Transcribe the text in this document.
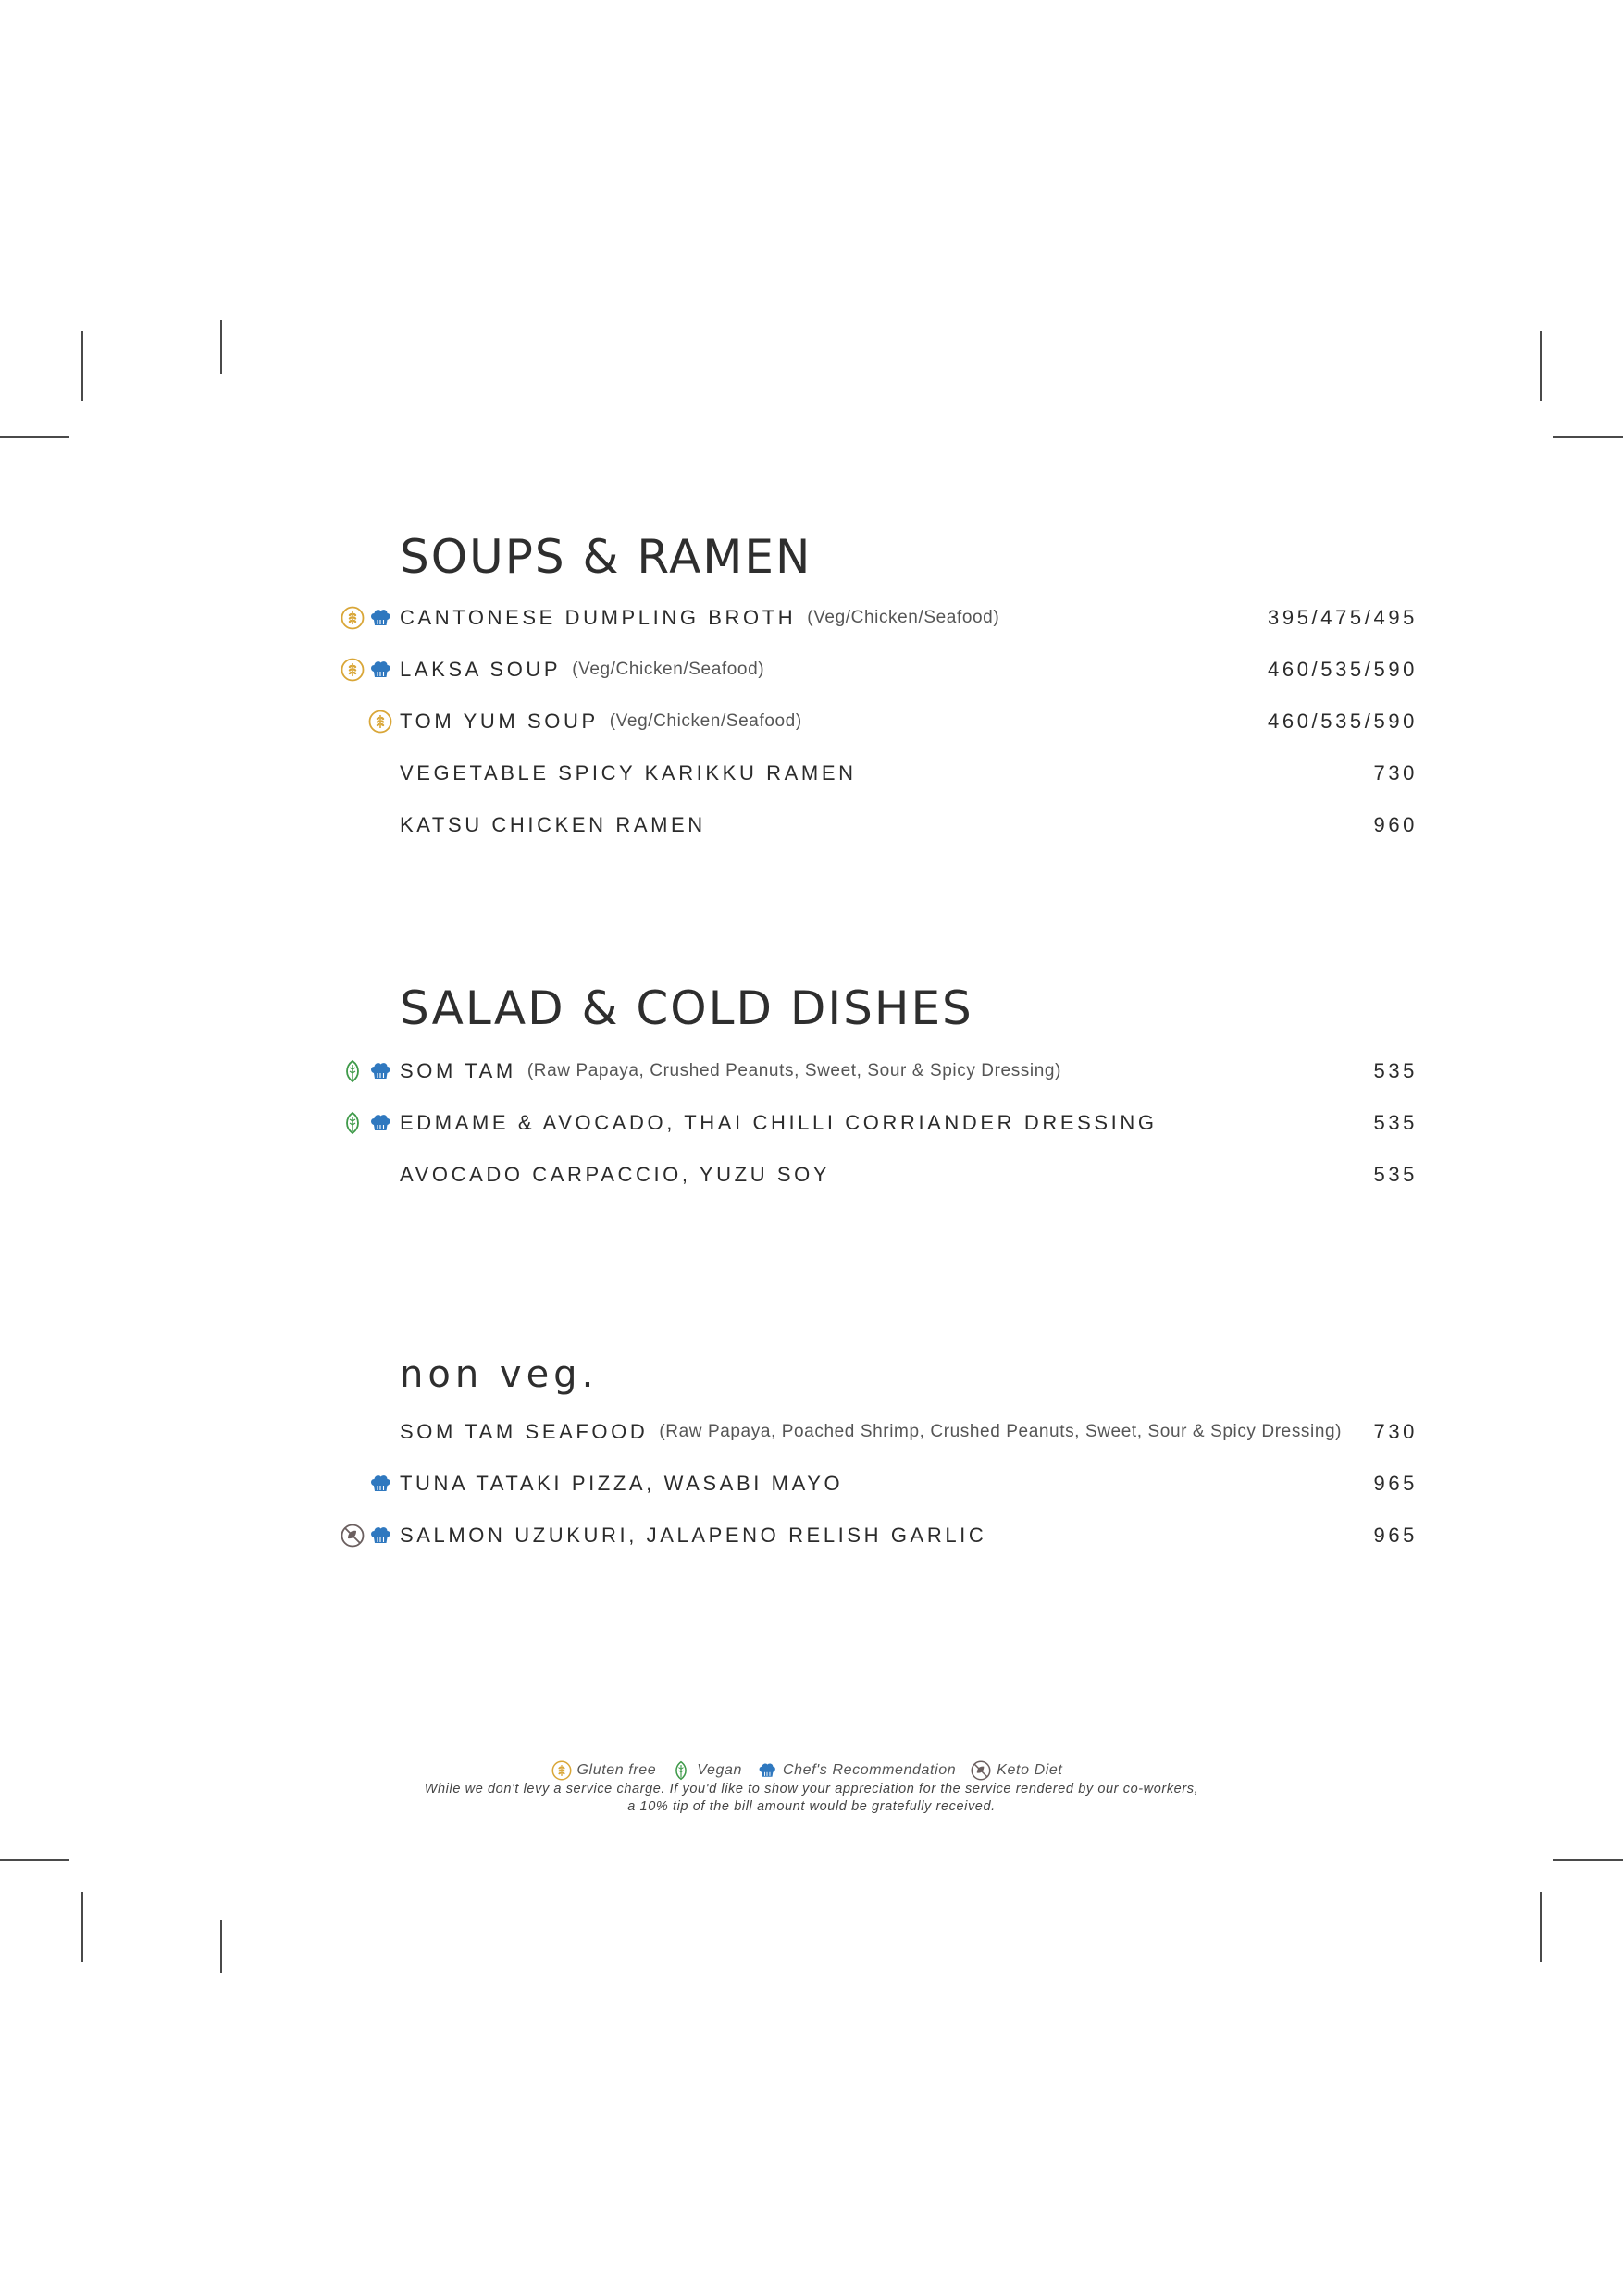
SOUPS & RAMEN
CANTONESE DUMPLING BROTH (Veg/Chicken/Seafood)	395/475/495
LAKSA SOUP (Veg/Chicken/Seafood)	460/535/590
TOM YUM SOUP (Veg/Chicken/Seafood)	460/535/590
VEGETABLE SPICY KARIKKU RAMEN	730
KATSU CHICKEN RAMEN	960
SALAD & COLD DISHES
SOM TAM (Raw Papaya, Crushed Peanuts, Sweet, Sour & Spicy Dressing)	535
EDMAME & AVOCADO, THAI CHILLI CORRIANDER DRESSING	535
AVOCADO CARPACCIO, YUZU SOY	535
non veg.
SOM TAM SEAFOOD (Raw Papaya, Poached Shrimp, Crushed Peanuts, Sweet, Sour & Spicy Dressing) 730
TUNA TATAKI PIZZA, WASABI MAYO	965
SALMON UZUKURI, JALAPENO RELISH GARLIC	965
Gluten free	Vegan	Chef's Recommendation	Keto Diet
While we don't levy a service charge. If you'd like to show your appreciation for the service rendered by our co-workers,
a 10% tip of the bill amount would be gratefully received.
